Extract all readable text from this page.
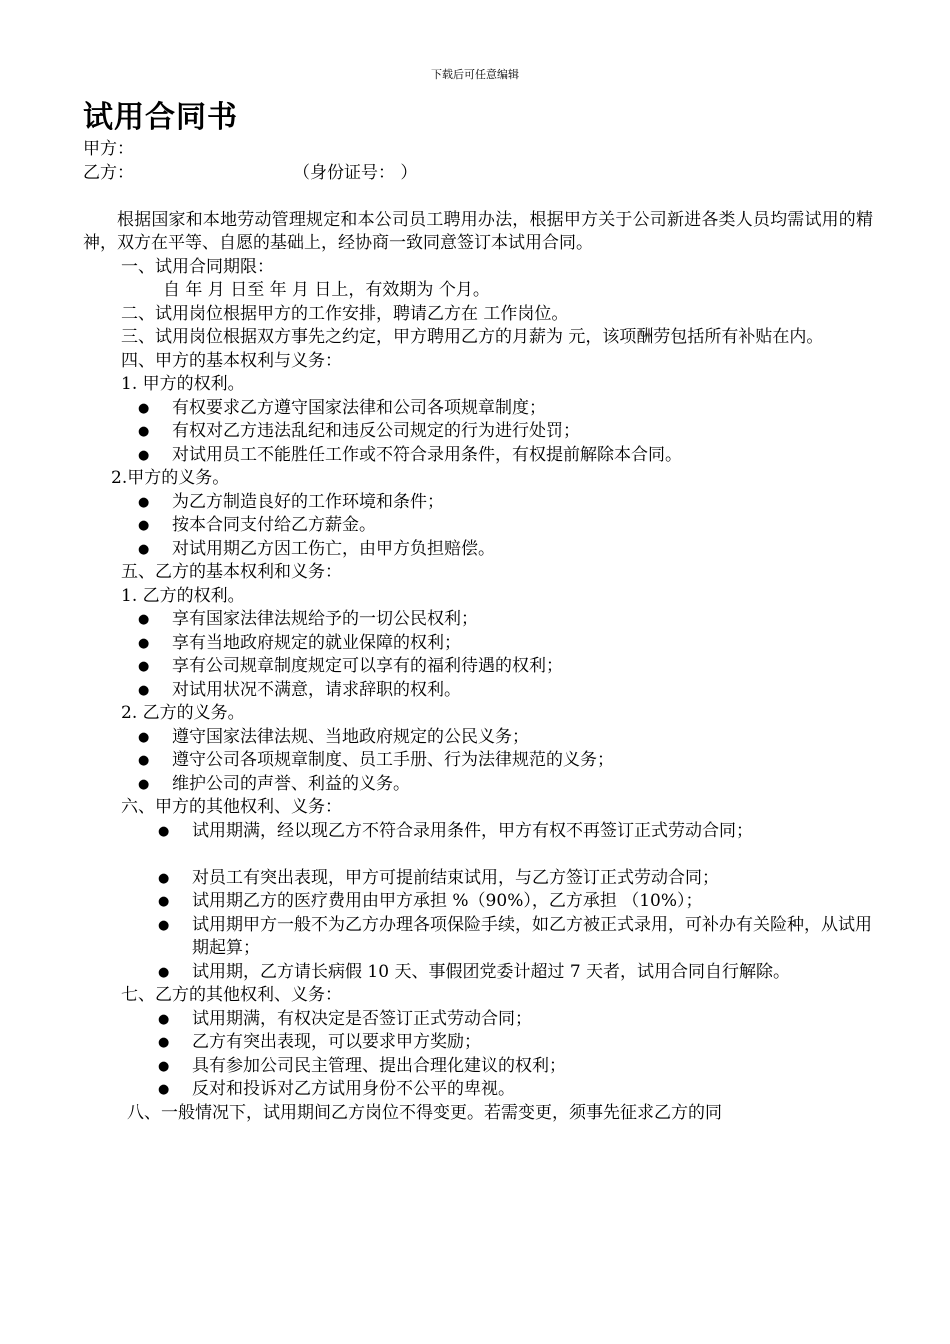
下载后可任意编辑
试用合同书
甲方：
乙方：	（身份证号： ）
根据国家和本地劳动管理规定和本公司员工聘用办法，根据甲方关于公司新进各类人员均需试用的精神，双方在平等、自愿的基础上，经协商一致同意签订本试用合同。
一、试用合同期限：
自 年 月 日至 年 月 日上，有效期为 个月。
二、试用岗位根据甲方的工作安排，聘请乙方在 工作岗位。
三、试用岗位根据双方事先之约定，甲方聘用乙方的月薪为 元，该项酬劳包括所有补贴在内。
四、甲方的基本权利与义务：
1. 甲方的权利。
● 有权要求乙方遵守国家法律和公司各项规章制度；
● 有权对乙方违法乱纪和违反公司规定的行为进行处罚；
● 对试用员工不能胜任工作或不符合录用条件，有权提前解除本合同。
2.甲方的义务。
● 为乙方制造良好的工作环境和条件；
● 按本合同支付给乙方薪金。
● 对试用期乙方因工伤亡，由甲方负担赔偿。
五、乙方的基本权利和义务：
1. 乙方的权利。
● 享有国家法律法规给予的一切公民权利；
● 享有当地政府规定的就业保障的权利；
● 享有公司规章制度规定可以享有的福利待遇的权利；
● 对试用状况不满意，请求辞职的权利。
2. 乙方的义务。
● 遵守国家法律法规、当地政府规定的公民义务；
● 遵守公司各项规章制度、员工手册、行为法律规范的义务；
● 维护公司的声誉、利益的义务。
六、甲方的其他权利、义务：
● 试用期满，经以现乙方不符合录用条件，甲方有权不再签订正式劳动合同；
● 对员工有突出表现，甲方可提前结束试用，与乙方签订正式劳动合同；
● 试用期乙方的医疗费用由甲方承担 %（90%），乙方承担 （10%）；
● 试用期甲方一般不为乙方办理各项保险手续，如乙方被正式录用，可补办有关险种，从试用期起算；
● 试用期，乙方请长病假 10 天、事假团党委计超过 7 天者，试用合同自行解除。
七、乙方的其他权利、义务：
● 试用期满，有权决定是否签订正式劳动合同；
● 乙方有突出表现，可以要求甲方奖励；
● 具有参加公司民主管理、提出合理化建议的权利；
● 反对和投诉对乙方试用身份不公平的卑视。
八、一般情况下，试用期间乙方岗位不得变更。若需变更，须事先征求乙方的同
